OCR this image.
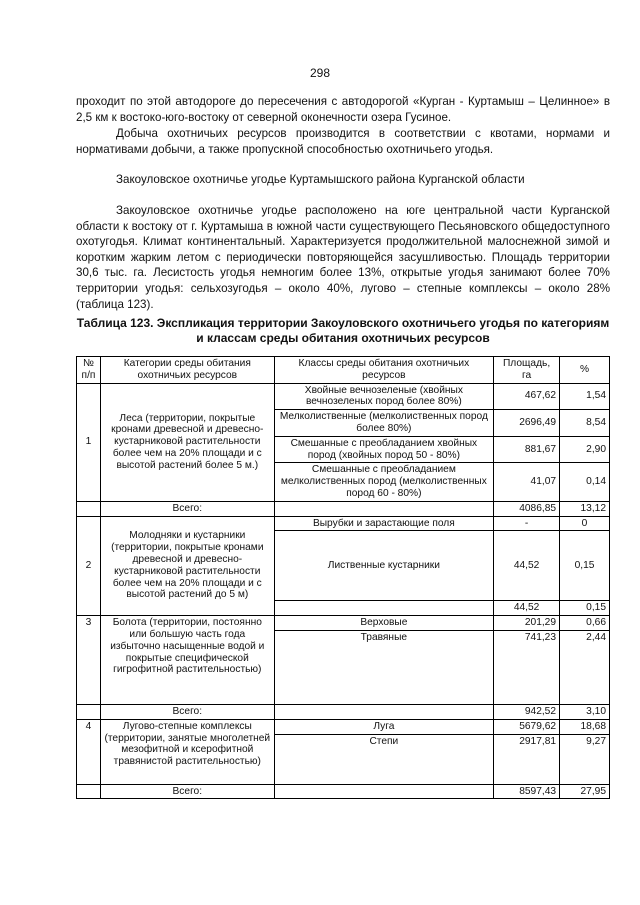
298

проходит по этой автодороге до пересечения с автодорогой «Курган - Куртамыш – Целинное» в 2,5 км к востоко-юго-востоку от северной оконечности озера Гусиное.

Добыча охотничьих ресурсов производится в соответствии с квотами, нормами и нормативами добычи, а также пропускной способностью охотничьего угодья.

Закоуловское охотничье угодье Куртамышского района Курганской области

Закоуловское охотничье угодье расположено на юге центральной части Курганской области к востоку от г. Куртамыша в южной части существующего Песьяновского общедоступного охотугодья. Климат континентальный. Характеризуется продолжительной малоснежной зимой и коротким жарким летом с периодически повторяющейся засушливостью. Площадь территории 30,6 тыс. га. Лесистость угодья немногим более 13%, открытые угодья занимают более 70% территории угодья: сельхозугодья – около 40%, лугово – степные комплексы – около 28% (таблица 123).

Таблица 123. Экспликация территории Закоуловского охотничьего угодья по категориям и классам среды обитания охотничьих ресурсов
№ п/п	Категории среды обитания охотничьих ресурсов	Классы среды обитания охотничьих ресурсов	Площадь, га	%
1	Леса (территории, покрытые кронами древесной и древесно-кустарниковой растительности более чем на 20% площади и с высотой растений более 5 м.)	Хвойные вечнозеленые (хвойных вечнозеленых пород более 80%)	467,62	1,54
		Мелколиственные (мелколиственных пород более 80%)	2696,49	8,54
		Смешанные с преобладанием хвойных пород (хвойных пород 50 - 80%)	881,67	2,90
		Смешанные с преобладанием мелколиственных пород (мелколиственных пород 60 - 80%)	41,07	0,14
	Всего:		4086,85	13,12
2	Молодняки и кустарники (территории, покрытые кронами древесной и древесно- кустарниковой растительности более чем на 20% площади и с высотой растений до 5 м)	Вырубки и зарастающие поля	-	0
		Лиственные кустарники	44,52	0,15
			44,52	0,15
3	Болота (территории, постоянно или большую часть года избыточно насыщенные водой и покрытые специфической гигрофитной растительностью)	Верховые	201,29	0,66
		Травяные	741,23	2,44
	Всего:		942,52	3,10
4	Лугово-степные комплексы (территории, занятые многолетней мезофитной и ксерофитной травянистой растительностью)	Луга	5679,62	18,68
		Степи	2917,81	9,27
	Всего:		8597,43	27,95
